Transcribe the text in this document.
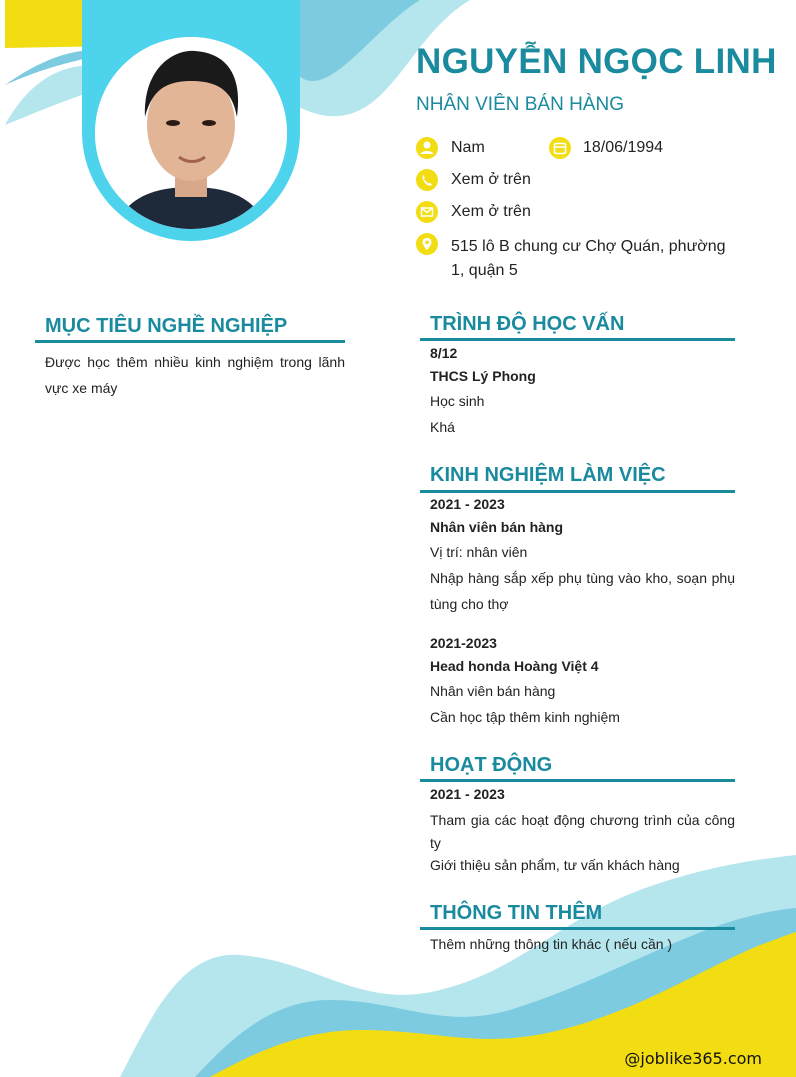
NGUYỄN NGỌC LINH
NHÂN VIÊN BÁN HÀNG
Nam	18/06/1994
Xem ở trên
Xem ở trên
515 lô B chung cư Chợ Quán, phường 1, quận 5
MỤC TIÊU NGHỀ NGHIỆP
Được học thêm nhiều kinh nghiệm trong lãnh vực xe máy
TRÌNH ĐỘ HỌC VẤN
8/12
THCS Lý Phong
Học sinh
Khá
KINH NGHIỆM LÀM VIỆC
2021 - 2023
Nhân viên bán hàng
Vị trí: nhân viên
Nhập hàng sắp xếp phụ tùng vào kho, soạn phụ tùng cho thợ
2021-2023
Head honda Hoàng Việt 4
Nhân viên bán hàng
Cần học tập thêm kinh nghiệm
HOẠT ĐỘNG
2021 - 2023
Tham gia các hoạt động chương trình của công ty
Giới thiệu sản phẩm, tư vấn khách hàng
THÔNG TIN THÊM
Thêm những thông tin khác ( nếu cần )
@joblike365.com
